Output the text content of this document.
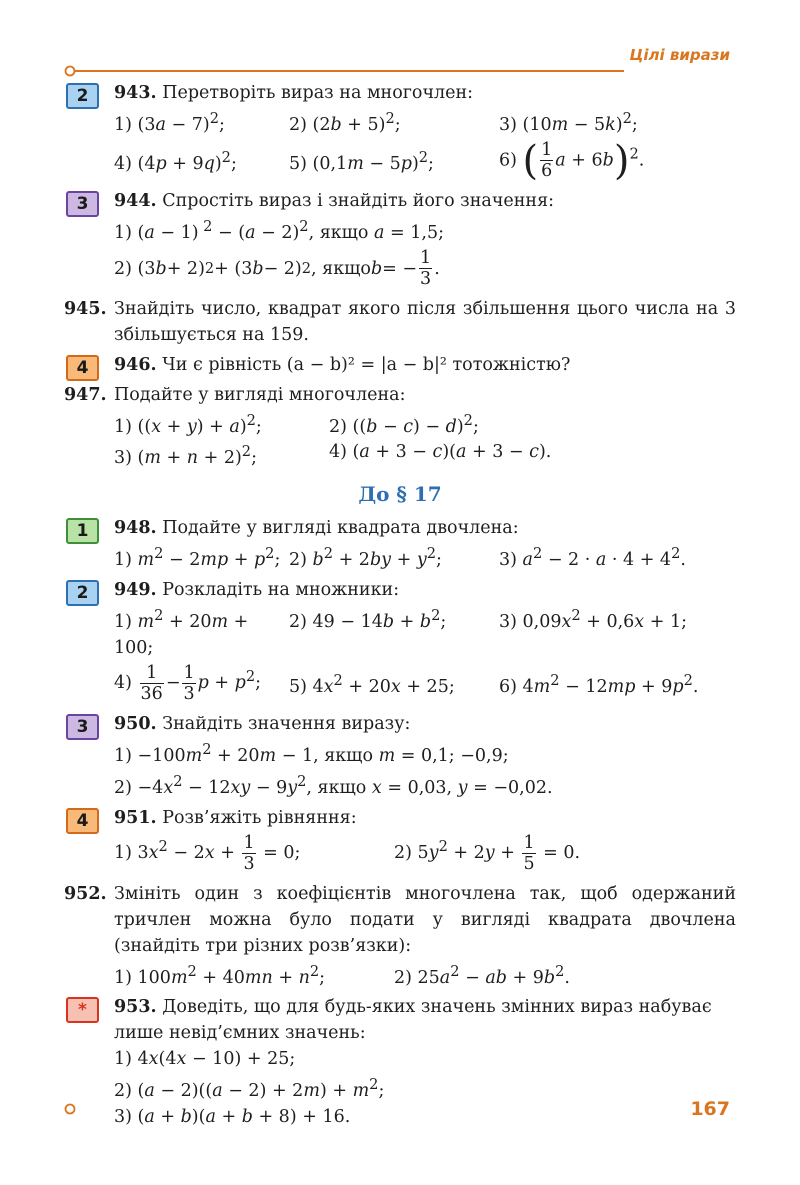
Цілі вирази
2	943. Перетворіть вираз на многочлен:
1) $(3a - 7)^2$;	2) $(2b + 5)^2$;	3) $(10m - 5k)^2$;
4) $(4p + 9q)^2$;	5) $(0,1m - 5p)^2$;	6) ( $\frac{1}{6}$ a + 6b)$^2$.
3	944. Спростіть вираз і знайдіть його значення:
1) (a − 1) $^2 - (a - 2)^2$, якщо a = 1,5;
2) (3 b + 2) 2 + (3 b − 2) 2 , якщо b = − $\frac{1}{3}$ .
945. Знайдіть число, квадрат якого після збільшення цього числа на 3 збільшується на 159.
4	946. Чи є рівність (a − b)² = |a − b|² тотожністю?
947. Подайте у вигляді многочлена:
1) $((x + y) + a)^2$;	2) $((b - c) - d)^2$;
3) $(m + n + 2)^2$;	4) (a + 3 − c)(a + 3 − c).
До § 17
1	948. Подайте у вигляді квадрата двочлена:
1) $m^2 - 2mp + p^2$; 2) $b^2 + 2by + y^2$;	3) $a^2 - 2 \cdot a \cdot 4 + 4^2$.
2	949. Розкладіть на множники:
1) $m^2 + 20m + 100$;
2) $49 - 14b + b^2$;	3) $0,09x^2 + 0,6x + 1$;
$4) \frac{1}{36} - \frac{1}{3}$ $p + p^2$;	5) $4x^2 + 20x + 25$;	6) $4m^2 - 12mp + 9p^2$.
3	950. Знайдіть значення виразу:
$1) -100m^2 + 20m - 1$, якщо m = 0,1; −0,9;
$2) -4x^2 - 12xy - 9y^2$, якщо x = 0,03, y = −0,02.
4	951. Розв’яжіть рівняння:
1) $3x^2 - 2x + \frac{1}{3} = 0$;	2) $5y^2 + 2y + \frac{1}{5} = 0$.
952. Змініть один з коефіцієнтів многочлена так, щоб одержаний тричлен можна було подати у вигляді квадрата двочлена (знайдіть три різних розв’язки):
1) $100m^2 + 40mn + n^2$;	2) $25a^2$ − ab + $9b^2$.
*	953. Доведіть, що для будь-яких значень змінних вираз набуває лише невід’ємних значень:
1) 4x(4x − 10) + 25;
2) $(a - 2)((a - 2) + 2m) + m^2$;
3) (a + b)(a + b + 8) + 16.	167
